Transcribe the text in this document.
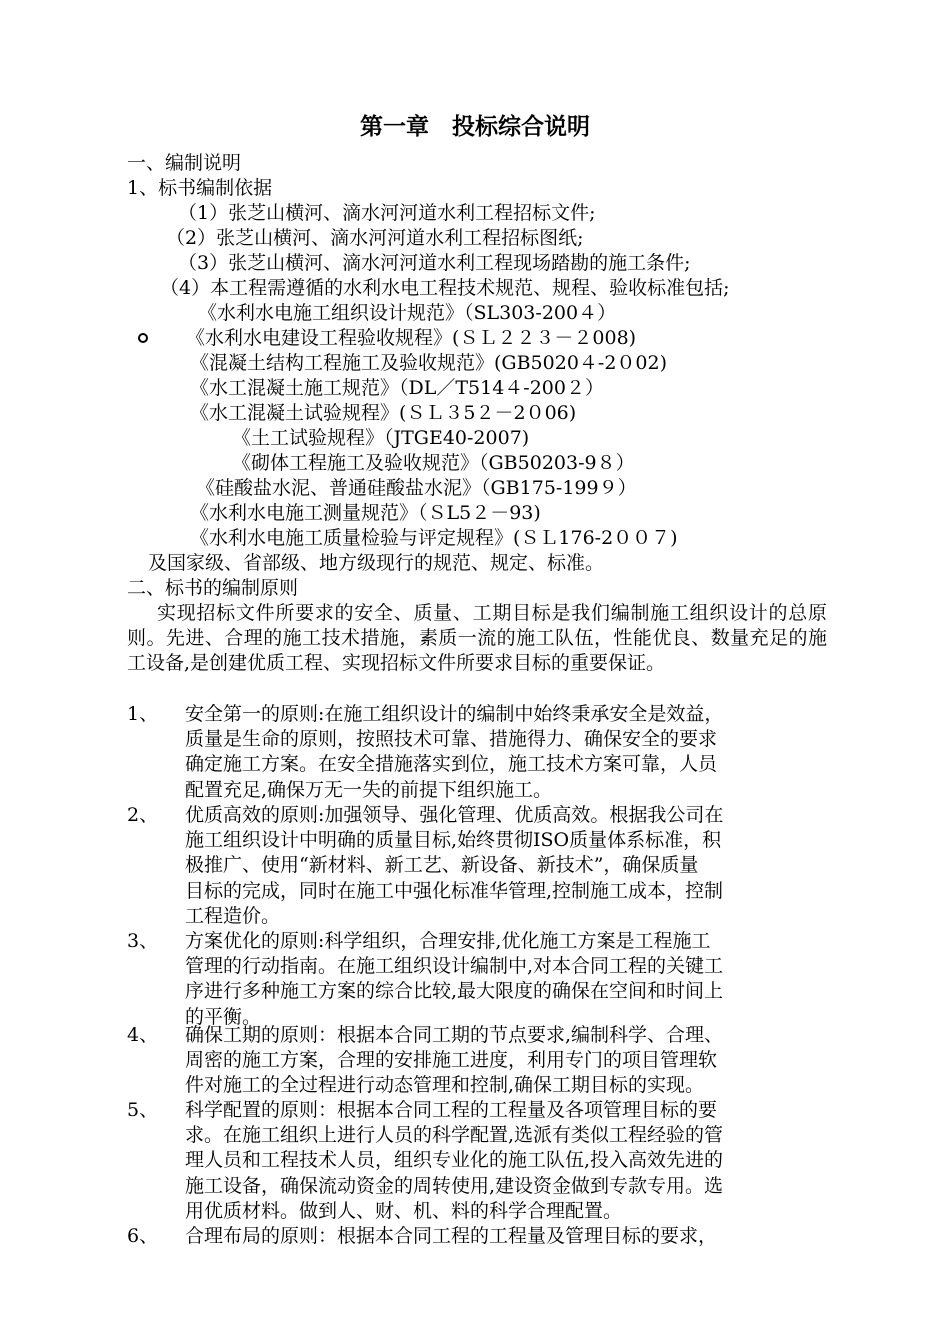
第一章　投标综合说明
一、编制说明
1、标书编制依据
（1）张芝山横河、滴水河河道水利工程招标文件;
（2）张芝山横河、滴水河河道水利工程招标图纸;
（3）张芝山横河、滴水河河道水利工程现场踏勘的施工条件;
（4）本工程需遵循的水利水电工程技术规范、规程、验收标准包括;
《水利水电施工组织设计规范》（SL303-200４）
《水利水电建设工程验收规程》(ＳＬ２２３－２008)
《混凝土结构工程施工及验收规范》(GB5020４-2０02)
《水工混凝土施工规范》（DL／T514４-200２）
《水工混凝土试验规程》(ＳＬ３5２－2０06)
《土工试验规程》（JTGE40-2007)
《砌体工程施工及验收规范》（GB50203-9８）
《硅酸盐水泥、普通硅酸盐水泥》（GB175-199９）
《水利水电施工测量规范》（ＳL5２－93)
《水利水电施工质量检验与评定规程》(ＳＬ176-2００７)
及国家级、省部级、地方级现行的规范、规定、标准。
二、标书的编制原则
实现招标文件所要求的安全、质量、工期目标是我们编制施工组织设计的总原则。先进、合理的施工技术措施，素质一流的施工队伍，性能优良、数量充足的施工设备,是创建优质工程、实现招标文件所要求目标的重要保证。
1、 安全第一的原则:在施工组织设计的编制中始终秉承安全是效益，
质量是生命的原则，按照技术可靠、措施得力、确保安全的要求
确定施工方案。在安全措施落实到位，施工技术方案可靠，人员
配置充足,确保万无一失的前提下组织施工。
2、 优质高效的原则:加强领导、强化管理、优质高效。根据我公司在
施工组织设计中明确的质量目标,始终贯彻ISO质量体系标准，积
极推广、使用“新材料、新工艺、新设备、新技术”，确保质量
目标的完成，同时在施工中强化标准华管理,控制施工成本，控制
工程造价。
3、 方案优化的原则:科学组织，合理安排,优化施工方案是工程施工
管理的行动指南。在施工组织设计编制中,对本合同工程的关键工
序进行多种施工方案的综合比较,最大限度的确保在空间和时间上
的平衡。
4、 确保工期的原则：根据本合同工期的节点要求,编制科学、合理、
周密的施工方案，合理的安排施工进度，利用专门的项目管理软
件对施工的全过程进行动态管理和控制,确保工期目标的实现。
5、 科学配置的原则：根据本合同工程的工程量及各项管理目标的要
求。在施工组织上进行人员的科学配置,选派有类似工程经验的管
理人员和工程技术人员，组织专业化的施工队伍,投入高效先进的
施工设备，确保流动资金的周转使用,建设资金做到专款专用。选
用优质材料。做到人、财、机、料的科学合理配置。
6、 合理布局的原则：根据本合同工程的工程量及管理目标的要求，
